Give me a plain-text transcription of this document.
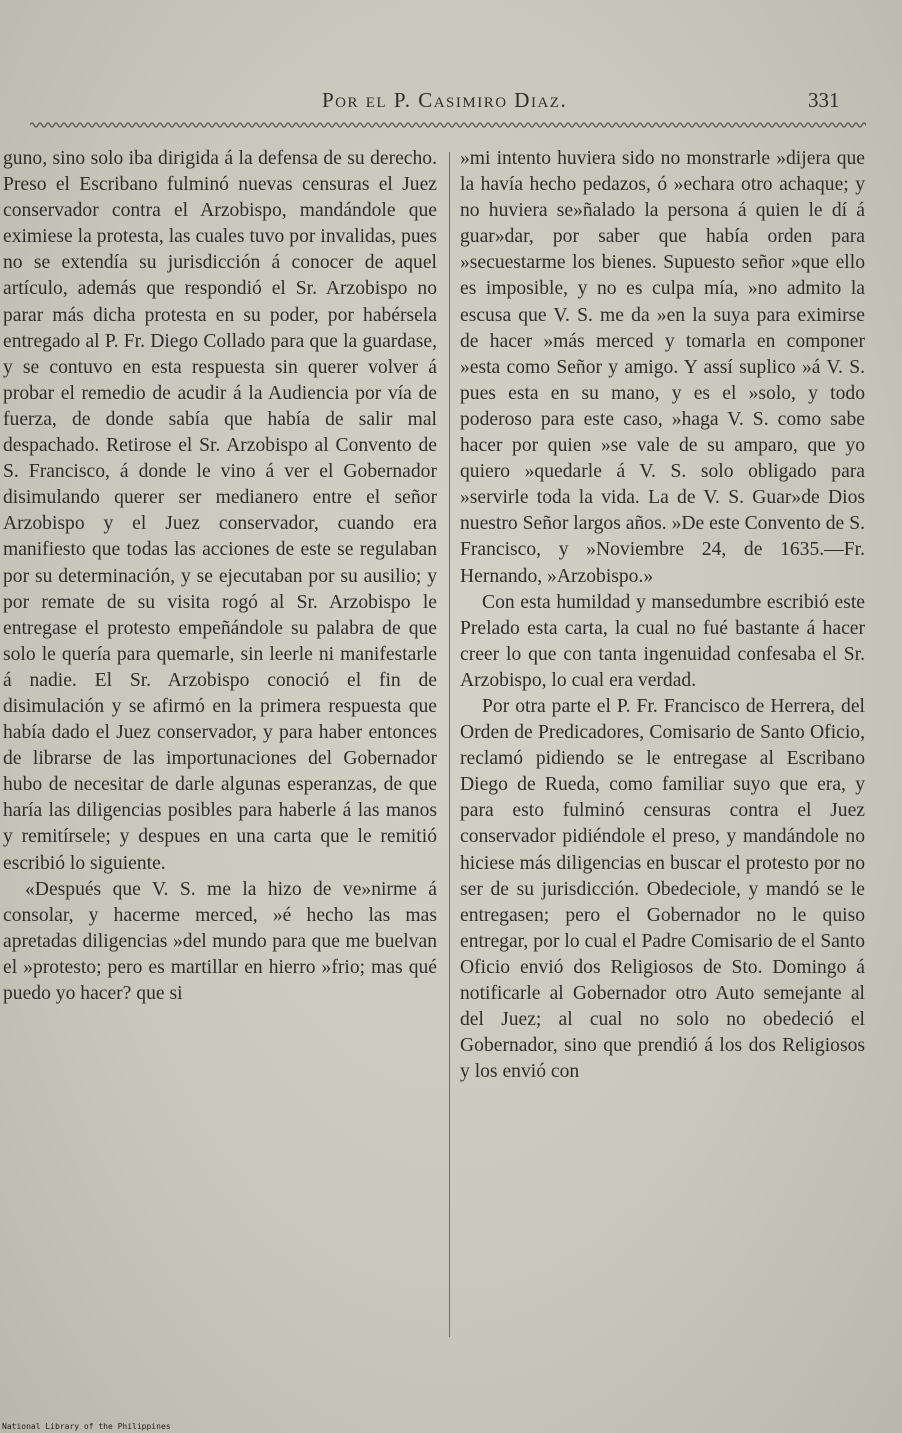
Por el P. Casimiro Diaz.	331

guno, sino solo iba dirigida á la defensa de su derecho. Preso el Escribano fulminó nuevas censuras el Juez conservador contra el Arzobispo, mandándole que eximiese la protesta, las cuales tuvo por invalidas, pues no se extendía su jurisdicción á conocer de aquel artículo, además que respondió el Sr. Arzobispo no parar más dicha protesta en su poder, por habérsela entregado al P. Fr. Diego Collado para que la guardase, y se contuvo en esta respuesta sin querer volver á probar el remedio de acudir á la Audiencia por vía de fuerza, de donde sabía que había de salir mal despachado. Retirose el Sr. Arzobispo al Convento de S. Francisco, á donde le vino á ver el Gobernador disimulando querer ser medianero entre el señor Arzobispo y el Juez conservador, cuando era manifiesto que todas las acciones de este se regulaban por su determinación, y se ejecutaban por su ausilio; y por remate de su visita rogó al Sr. Arzobispo le entregase el protesto empeñándole su palabra de que solo le quería para quemarle, sin leerle ni manifestarle á nadie. El Sr. Arzobispo conoció el fin de disimulación y se afirmó en la primera respuesta que había dado el Juez conservador, y para haber entonces de librarse de las importunaciones del Gobernador hubo de necesitar de darle algunas esperanzas, de que haría las diligencias posibles para haberle á las manos y remitírsele; y despues en una carta que le remitió escribió lo siguiente.

«Después que V. S. me la hizo de ve»nirme á consolar, y hacerme merced, »é hecho las mas apretadas diligencias »del mundo para que me buelvan el »protesto; pero es martillar en hierro »frio; mas qué puedo yo hacer? que si

»mi intento huviera sido no monstrarle »dijera que la havía hecho pedazos, ó »echara otro achaque; y no huviera se»ñalado la persona á quien le dí á guar»dar, por saber que había orden para »secuestarme los bienes. Supuesto señor »que ello es imposible, y no es culpa mía, »no admito la escusa que V. S. me da »en la suya para eximirse de hacer »más merced y tomarla en componer »esta como Señor y amigo. Y assí suplico »á V. S. pues esta en su mano, y es el »solo, y todo poderoso para este caso, »haga V. S. como sabe hacer por quien »se vale de su amparo, que yo quiero »quedarle á V. S. solo obligado para »servirle toda la vida. La de V. S. Guar»de Dios nuestro Señor largos años. »De este Convento de S. Francisco, y »Noviembre 24, de 1635.—Fr. Hernando, »Arzobispo.»

Con esta humildad y mansedumbre escribió este Prelado esta carta, la cual no fué bastante á hacer creer lo que con tanta ingenuidad confesaba el Sr. Arzobispo, lo cual era verdad.

Por otra parte el P. Fr. Francisco de Herrera, del Orden de Predicadores, Comisario de Santo Oficio, reclamó pidiendo se le entregase al Escribano Diego de Rueda, como familiar suyo que era, y para esto fulminó censuras contra el Juez conservador pidiéndole el preso, y mandándole no hiciese más diligencias en buscar el protesto por no ser de su jurisdicción. Obedeciole, y mandó se le entregasen; pero el Gobernador no le quiso entregar, por lo cual el Padre Comisario de el Santo Oficio envió dos Religiosos de Sto. Domingo á notificarle al Gobernador otro Auto semejante al del Juez; al cual no solo no obedeció el Gobernador, sino que prendió á los dos Religiosos y los envió con

National Library of the Philippines
